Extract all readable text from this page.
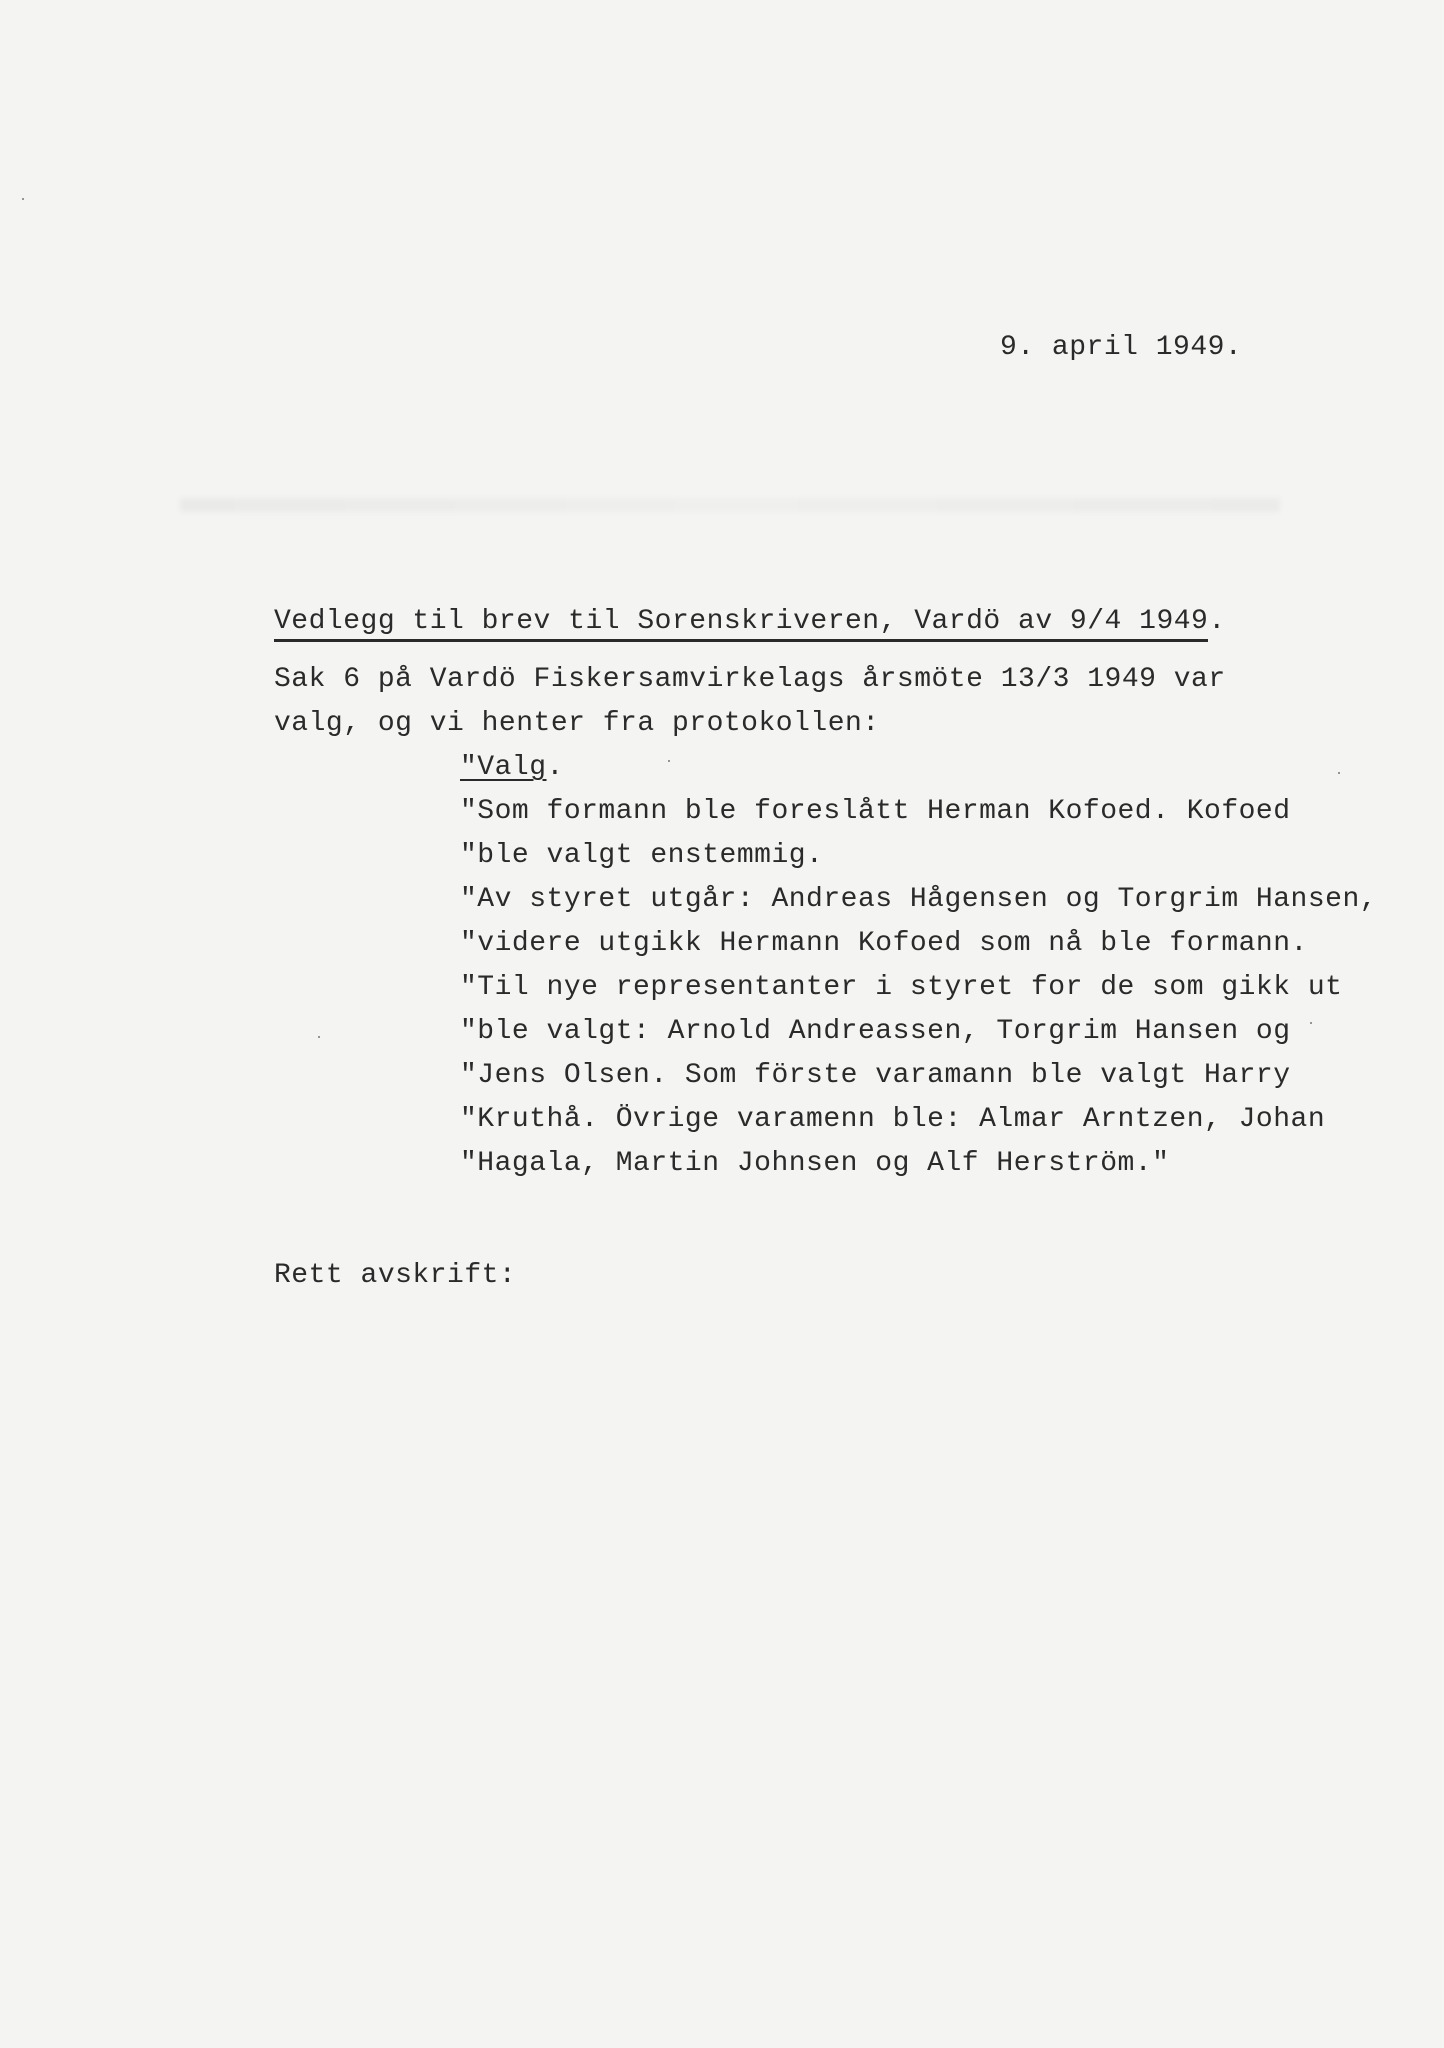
9. april 1949.
Vedlegg til brev til Sorenskriveren, Vardö av 9/4 1949.
Sak 6 på Vardö Fiskersamvirkelags årsmöte 13/3 1949 var
valg, og vi henter fra protokollen:
"Valg.
"Som formann ble foreslått Herman Kofoed. Kofoed
"ble valgt enstemmig.
"Av styret utgår: Andreas Hågensen og Torgrim Hansen,
"videre utgikk Hermann Kofoed som nå ble formann.
"Til nye representanter i styret for de som gikk ut
"ble valgt: Arnold Andreassen, Torgrim Hansen og
"Jens Olsen. Som förste varamann ble valgt Harry
"Kruthå. Övrige varamenn ble: Almar Arntzen, Johan
"Hagala, Martin Johnsen og Alf Herström."
Rett avskrift:
